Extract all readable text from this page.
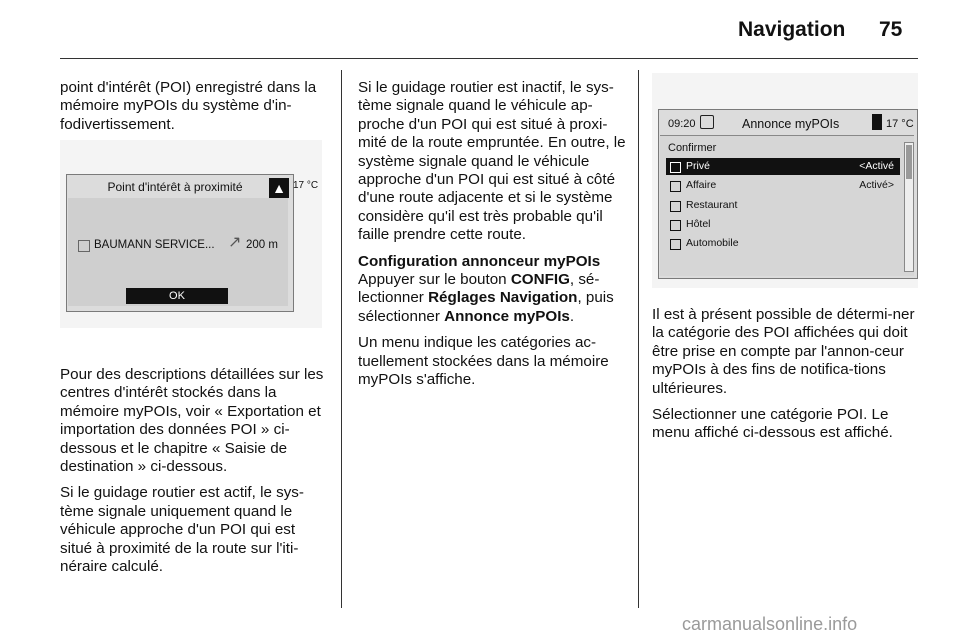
Navigation 75

point d'intérêt (POI) enregistré dans la mémoire myPOIs du système d'in-fodivertissement.

Point d'intérêt à proximité	▲ 17 °C
BAUMANN SERVICE... ↗ 200 m
OK

Pour des descriptions détaillées sur les centres d'intérêt stockés dans la mémoire myPOIs, voir « Exportation et importation des données POI » ci-dessous et le chapitre « Saisie de destination » ci-dessous.

Si le guidage routier est actif, le sys-tème signale uniquement quand le véhicule approche d'un POI qui est situé à proximité de la route sur l'iti-néraire calculé.

Si le guidage routier est inactif, le sys-tème signale quand le véhicule ap-proche d'un POI qui est situé à proxi-mité de la route empruntée. En outre, le système signale quand le véhicule approche d'un POI qui est situé à côté d'une route adjacente et si le système considère qu'il est très probable qu'il faille prendre cette route.

Configuration annonceur myPOIs

Appuyer sur le bouton CONFIG, sé-lectionner Réglages Navigation, puis sélectionner Annonce myPOIs.

Un menu indique les catégories ac-tuellement stockées dans la mémoire myPOIs s'affiche.

09:20	Annonce myPOIs	17 °C
Confirmer
Privé	<Activé
Affaire	Activé>
Restaurant
Hôtel
Automobile

Il est à présent possible de détermi-ner la catégorie des POI affichées qui doit être prise en compte par l'annon-ceur myPOIs à des fins de notifica-tions ultérieures.

Sélectionner une catégorie POI. Le menu affiché ci-dessous est affiché.

carmanualsonline.info
